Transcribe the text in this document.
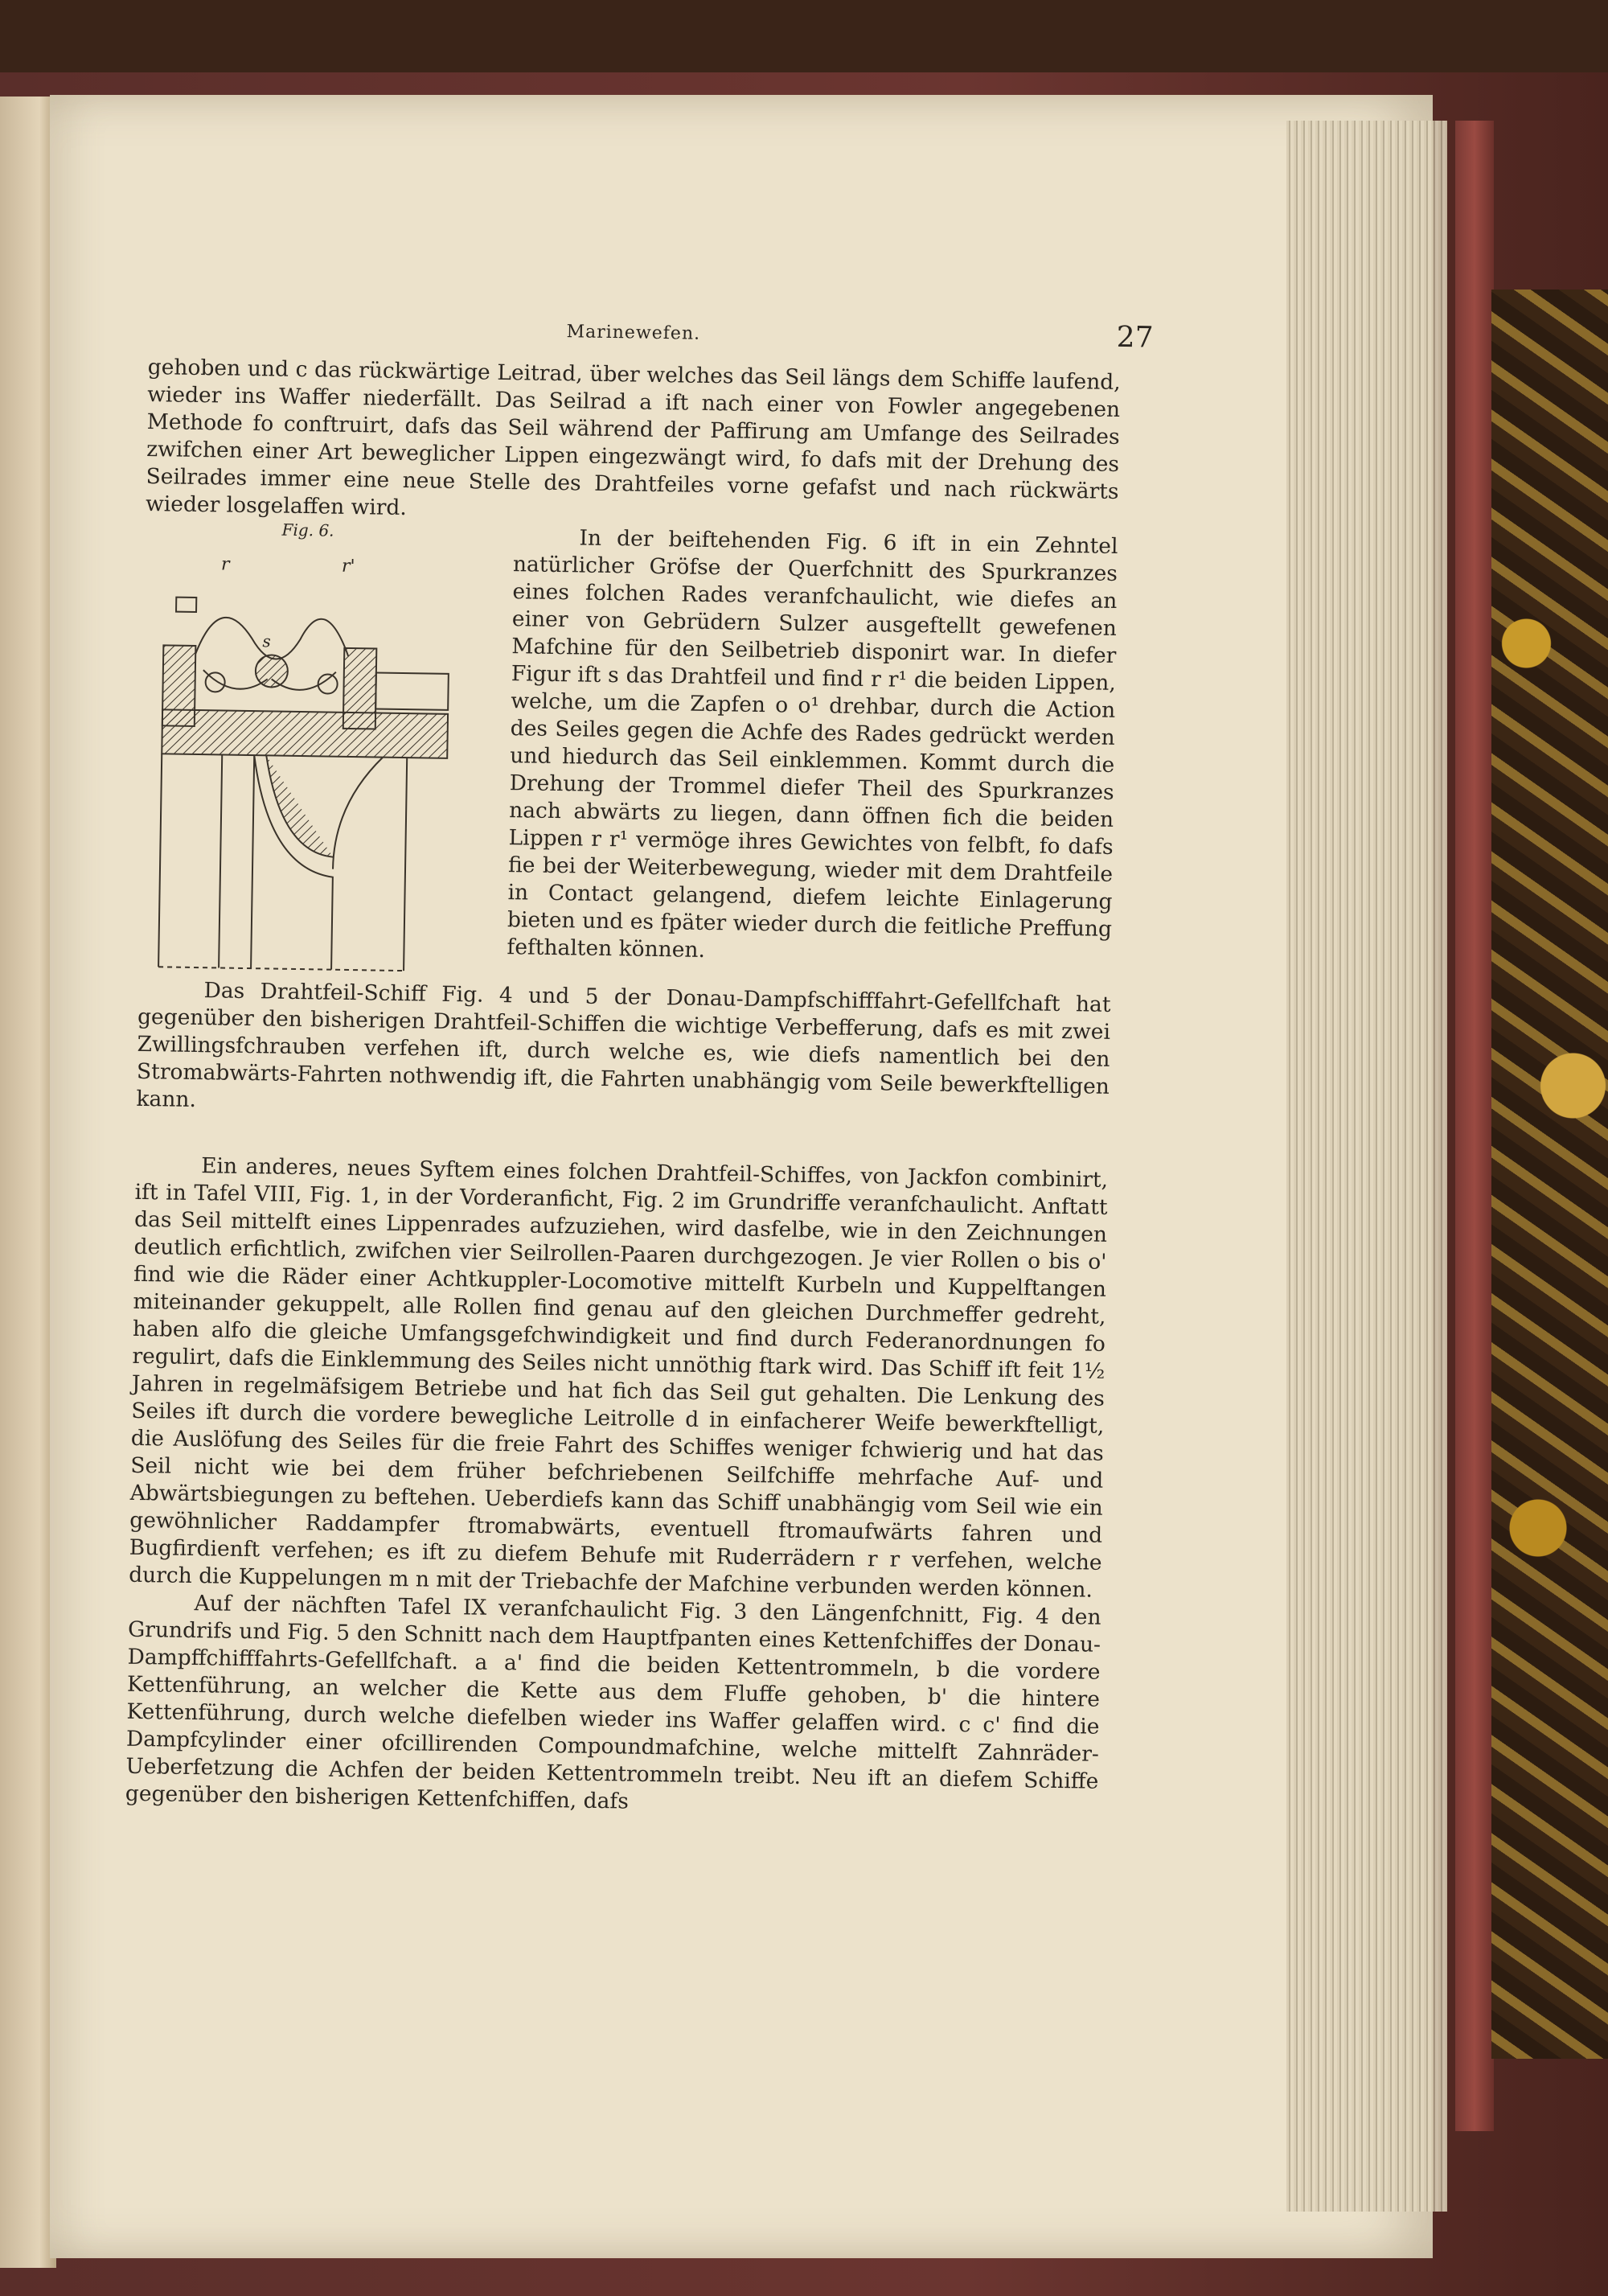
Marinewefen.	27

gehoben und c das rückwärtige Leitrad, über welches das Seil längs dem Schiffe laufend, wieder ins Waffer niederfällt. Das Seilrad a ift nach einer von Fowler angegebenen Methode fo conftruirt, dafs das Seil während der Paffirung am Umfange des Seilrades zwifchen einer Art beweglicher Lippen eingezwängt wird, fo dafs mit der Drehung des Seilrades immer eine neue Stelle des Drahtfeiles vorne gefafst und nach rückwärts wieder losgelaffen wird.

Fig. 6.
r	r'
s

In der beiftehenden Fig. 6 ift in ein Zehntel natürlicher Gröfse der Querfchnitt des Spurkranzes eines folchen Rades veranfchaulicht, wie diefes an einer von Gebrüdern Sulzer ausgeftellt gewefenen Mafchine für den Seilbetrieb disponirt war. In diefer Figur ift s das Drahtfeil und find r r¹ die beiden Lippen, welche, um die Zapfen o o¹ drehbar, durch die Action des Seiles gegen die Achfe des Rades gedrückt werden und hiedurch das Seil einklemmen. Kommt durch die Drehung der Trommel diefer Theil des Spurkranzes nach abwärts zu liegen, dann öffnen fich die beiden Lippen r r¹ vermöge ihres Gewichtes von felbft, fo dafs fie bei der Weiterbewegung, wieder mit dem Drahtfeile in Contact gelangend, diefem leichte Einlagerung bieten und es fpäter wieder durch die feitliche Preffung fefthalten können.

Das Drahtfeil-Schiff Fig. 4 und 5 der Donau-Dampfschifffahrt-Gefellfchaft hat gegenüber den bisherigen Drahtfeil-Schiffen die wichtige Verbefferung, dafs es mit zwei Zwillingsfchrauben verfehen ift, durch welche es, wie diefs namentlich bei den Stromabwärts-Fahrten nothwendig ift, die Fahrten unabhängig vom Seile bewerkftelligen kann.

Ein anderes, neues Syftem eines folchen Drahtfeil-Schiffes, von Jackfon combinirt, ift in Tafel VIII, Fig. 1, in der Vorderanficht, Fig. 2 im Grundriffe veranfchaulicht. Anftatt das Seil mittelft eines Lippenrades aufzuziehen, wird dasfelbe, wie in den Zeichnungen deutlich erfichtlich, zwifchen vier Seilrollen-Paaren durchgezogen. Je vier Rollen o bis o' find wie die Räder einer Achtkuppler-Locomotive mittelft Kurbeln und Kuppelftangen miteinander gekuppelt, alle Rollen find genau auf den gleichen Durchmeffer gedreht, haben alfo die gleiche Umfangsgefchwindigkeit und find durch Federanordnungen fo regulirt, dafs die Einklemmung des Seiles nicht unnöthig ftark wird. Das Schiff ift feit 1½ Jahren in regelmäfsigem Betriebe und hat fich das Seil gut gehalten. Die Lenkung des Seiles ift durch die vordere bewegliche Leitrolle d in einfacherer Weife bewerkftelligt, die Auslöfung des Seiles für die freie Fahrt des Schiffes weniger fchwierig und hat das Seil nicht wie bei dem früher befchriebenen Seilfchiffe mehrfache Auf- und Abwärtsbiegungen zu beftehen. Ueberdiefs kann das Schiff unabhängig vom Seil wie ein gewöhnlicher Raddampfer ftromabwärts, eventuell ftromaufwärts fahren und Bugfirdienft verfehen; es ift zu diefem Behufe mit Ruderrädern r r verfehen, welche durch die Kuppelungen m n mit der Triebachfe der Mafchine verbunden werden können.

Auf der nächften Tafel IX veranfchaulicht Fig. 3 den Längenfchnitt, Fig. 4 den Grundrifs und Fig. 5 den Schnitt nach dem Hauptfpanten eines Kettenfchiffes der Donau-Dampffchifffahrts-Gefellfchaft. a a' find die beiden Kettentrommeln, b die vordere Kettenführung, an welcher die Kette aus dem Fluffe gehoben, b' die hintere Kettenführung, durch welche diefelben wieder ins Waffer gelaffen wird. c c' find die Dampfcylinder einer ofcillirenden Compoundmafchine, welche mittelft Zahnräder-Ueberfetzung die Achfen der beiden Kettentrommeln treibt. Neu ift an diefem Schiffe gegenüber den bisherigen Kettenfchiffen, dafs
